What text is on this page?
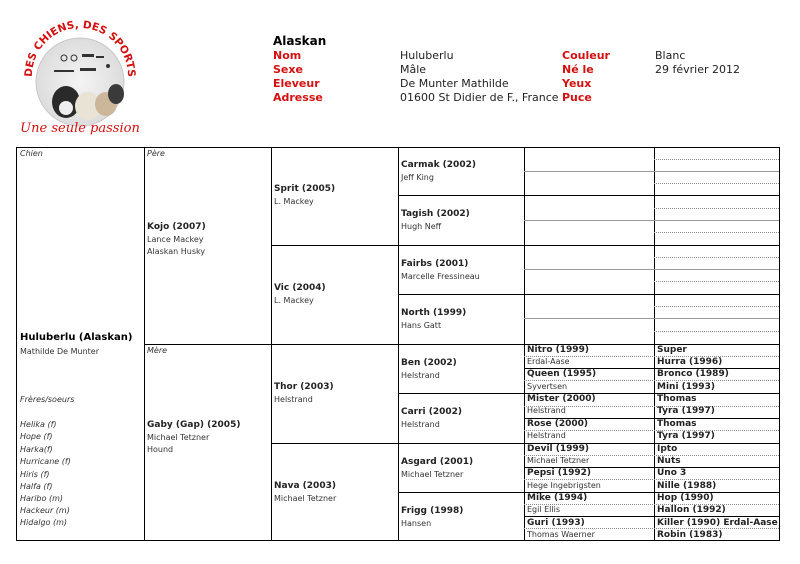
DES CHIENS, DES SPORTS
Une seule passion
Alaskan
Nom
Sexe
Eleveur
Adresse
Huluberlu
Mâle
De Munter Mathilde
01600 St Didier de F., France
Couleur
Né le
Yeux
Puce
Blanc
29 février 2012
Chien
Huluberlu (Alaskan)
Mathilde De Munter
Frères/soeurs
Helika (f)
Hope (f)
Harka(f)
Hurricane (f)
Hiris (f)
Halfa (f)
Haribo (m)
Hackeur (m)
Hidalgo (m)
Père
Kojo (2007)
Lance Mackey
Alaskan Husky
Mère
Gaby (Gap) (2005)
Michael Tetzner
Hound
Sprit (2005)
L. Mackey
Vic (2004)
L. Mackey
Thor (2003)
Helstrand
Nava (2003)
Michael Tetzner
Carmak (2002)
Jeff King
Tagish (2002)
Hugh Neff
Fairbs (2001)
Marcelle Fressineau
North (1999)
Hans Gatt
Ben (2002)
Helstrand
Carri (2002)
Helstrand
Asgard (2001)
Michael Tetzner
Frigg (1998)
Hansen
Nitro (1999)
Erdal-Aase
Queen (1995)
Syvertsen
Mister (2000)
Helstrand
Rose (2000)
Helstrand
Devil (1999)
Michael Tetzner
Pepsi (1992)
Hege Ingebrigsten
Mike (1994)
Egil Ellis
Guri (1993)
Thomas Waerner
Super
Hurra (1996)
Bronco (1989)
Mini (1993)
Thomas
Tyra (1997)
Thomas
Tyra (1997)
Ipto
Nuts
Uno 3
Nille (1988)
Hop (1990)
Hallon (1992)
Killer (1990) Erdal-Aase
Robin (1983)
